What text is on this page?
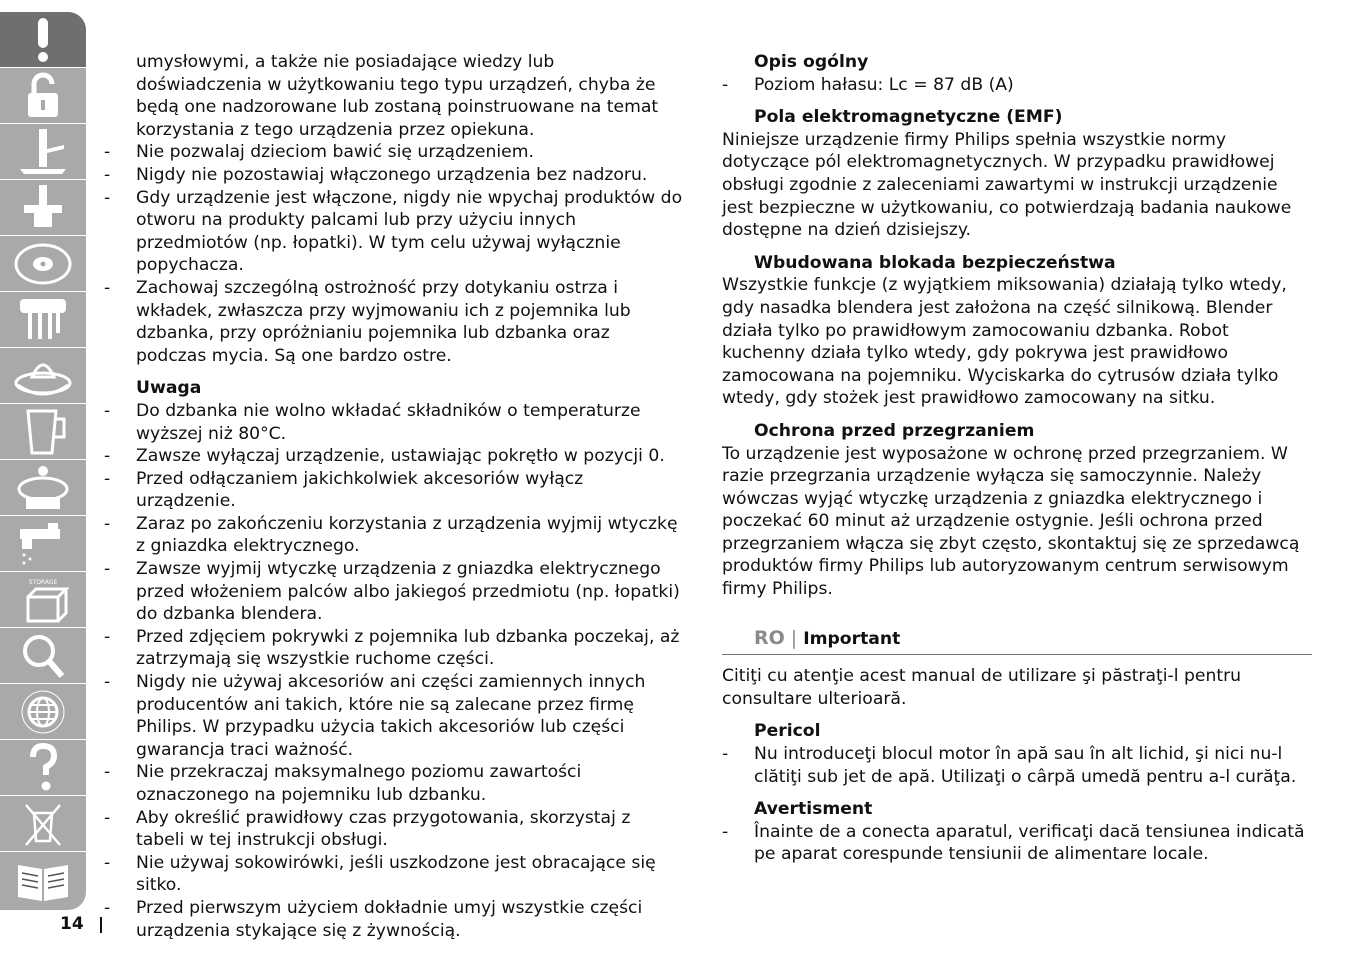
STORAGE
14

umysłowymi, a także nie posiadające wiedzy lub doświadczenia w użytkowaniu tego typu urządzeń, chyba że będą one nadzorowane lub zostaną poinstruowane na temat korzystania z tego urządzenia przez opiekuna.

- Nie pozwalaj dzieciom bawić się urządzeniem.
- Nigdy nie pozostawiaj włączonego urządzenia bez nadzoru.
- Gdy urządzenie jest włączone, nigdy nie wpychaj produktów do otworu na produkty palcami lub przy użyciu innych przedmiotów (np. łopatki). W tym celu używaj wyłącznie popychacza.
- Zachowaj szczególną ostrożność przy dotykaniu ostrza i wkładek, zwłaszcza przy wyjmowaniu ich z pojemnika lub dzbanka, przy opróżnianiu pojemnika lub dzbanka oraz podczas mycia. Są one bardzo ostre.

Uwaga

- Do dzbanka nie wolno wkładać składników o temperaturze wyższej niż 80°C.
- Zawsze wyłączaj urządzenie, ustawiając pokrętło w pozycji 0.
- Przed odłączaniem jakichkolwiek akcesoriów wyłącz urządzenie.
- Zaraz po zakończeniu korzystania z urządzenia wyjmij wtyczkę z gniazdka elektrycznego.
- Zawsze wyjmij wtyczkę urządzenia z gniazdka elektrycznego przed włożeniem palców albo jakiegoś przedmiotu (np. łopatki) do dzbanka blendera.
- Przed zdjęciem pokrywki z pojemnika lub dzbanka poczekaj, aż zatrzymają się wszystkie ruchome części.
- Nigdy nie używaj akcesoriów ani części zamiennych innych producentów ani takich, które nie są zalecane przez firmę Philips. W przypadku użycia takich akcesoriów lub części gwarancja traci ważność.
- Nie przekraczaj maksymalnego poziomu zawartości oznaczonego na pojemniku lub dzbanku.
- Aby określić prawidłowy czas przygotowania, skorzystaj z tabeli w tej instrukcji obsługi.
- Nie używaj sokowirówki, jeśli uszkodzone jest obracające się sitko.
- Przed pierwszym użyciem dokładnie umyj wszystkie części urządzenia stykające się z żywnością.

Opis ogólny

- Poziom hałasu: Lc = 87 dB (A)

Pola elektromagnetyczne (EMF)

Niniejsze urządzenie firmy Philips spełnia wszystkie normy dotyczące pól elektromagnetycznych. W przypadku prawidłowej obsługi zgodnie z zaleceniami zawartymi w instrukcji urządzenie jest bezpieczne w użytkowaniu, co potwierdzają badania naukowe dostępne na dzień dzisiejszy.

Wbudowana blokada bezpieczeństwa

Wszystkie funkcje (z wyjątkiem miksowania) działają tylko wtedy, gdy nasadka blendera jest założona na część silnikową. Blender działa tylko po prawidłowym zamocowaniu dzbanka. Robot kuchenny działa tylko wtedy, gdy pokrywa jest prawidłowo zamocowana na pojemniku. Wyciskarka do cytrusów działa tylko wtedy, gdy stożek jest prawidłowo zamocowany na sitku.

Ochrona przed przegrzaniem

To urządzenie jest wyposażone w ochronę przed przegrzaniem. W razie przegrzania urządzenie wyłącza się samoczynnie. Należy wówczas wyjąć wtyczkę urządzenia z gniazdka elektrycznego i poczekać 60 minut aż urządzenie ostygnie. Jeśli ochrona przed przegrzaniem włącza się zbyt często, skontaktuj się ze sprzedawcą produktów firmy Philips lub autoryzowanym centrum serwisowym firmy Philips.

RO | Important

Citiţi cu atenţie acest manual de utilizare şi păstraţi-l pentru consultare ulterioară.

Pericol

- Nu introduceţi blocul motor în apă sau în alt lichid, şi nici nu-l clătiţi sub jet de apă. Utilizaţi o cârpă umedă pentru a-l curăţa.

Avertisment

- Înainte de a conecta aparatul, verificaţi dacă tensiunea indicată pe aparat corespunde tensiunii de alimentare locale.
